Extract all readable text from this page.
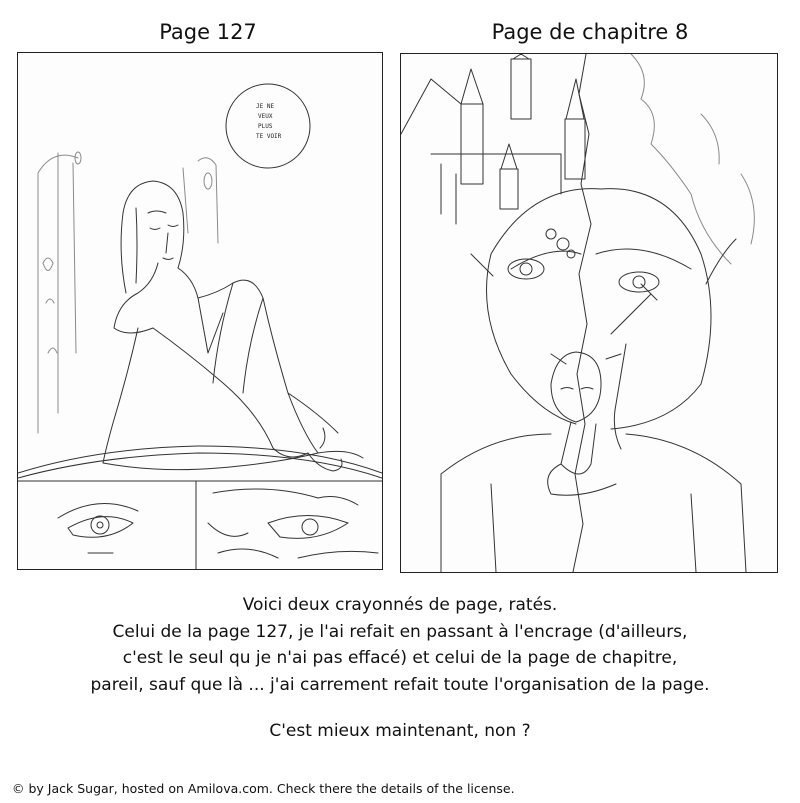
Page 127	Page de chapitre 8
JE NE
VEUX
PLUS
TE VOIR
Voici deux crayonnés de page, ratés.
Celui de la page 127, je l'ai refait en passant à l'encrage (d'ailleurs,
c'est le seul qu je n'ai pas effacé) et celui de la page de chapitre,
pareil, sauf que là ... j'ai carrement refait toute l'organisation de la page.
C'est mieux maintenant, non ?
© by Jack Sugar, hosted on Amilova.com. Check there the details of the license.
